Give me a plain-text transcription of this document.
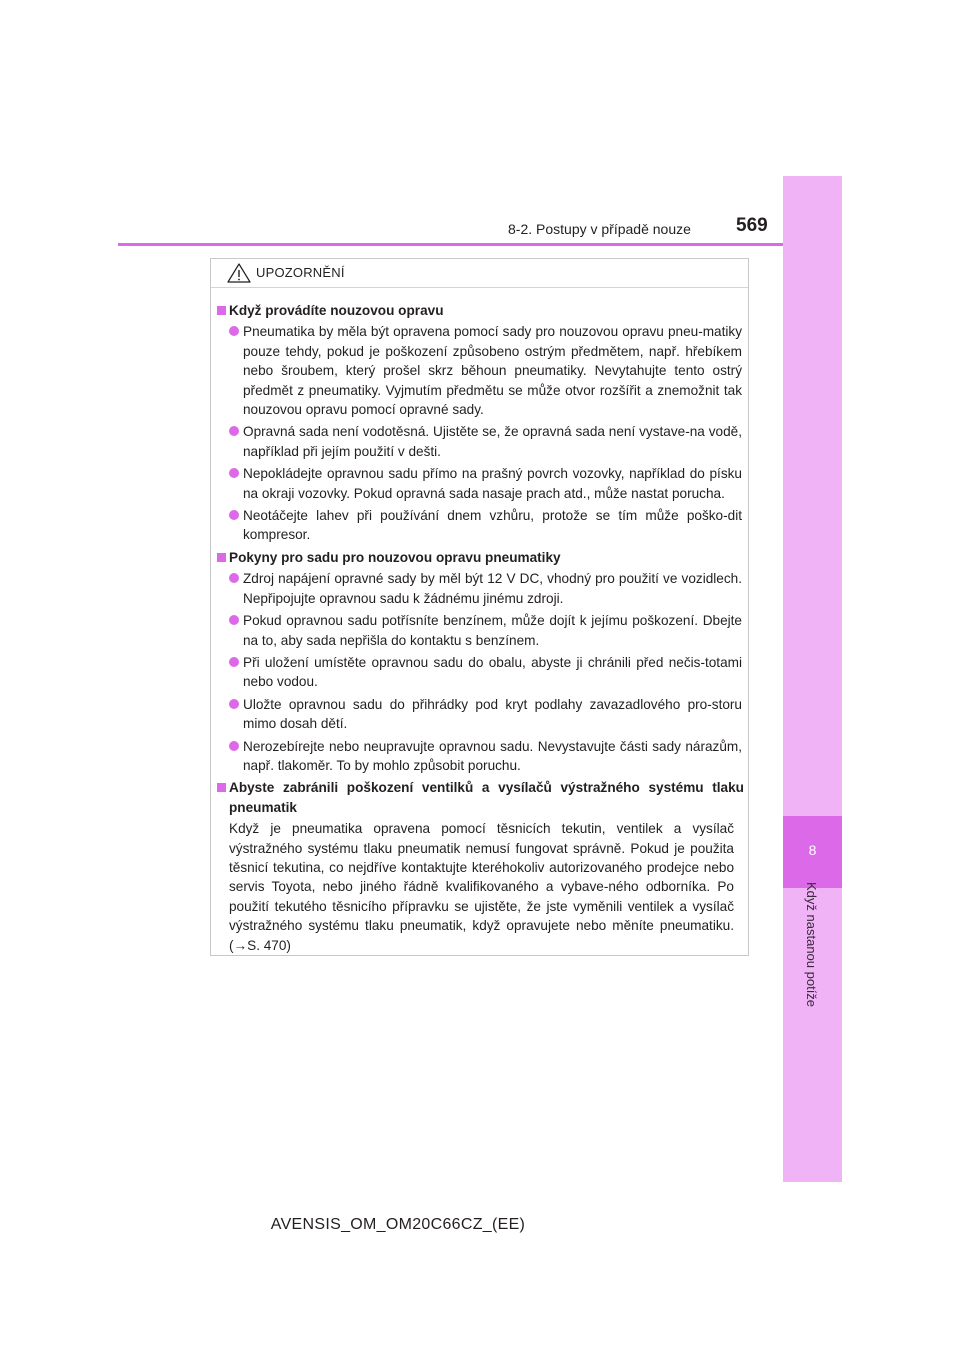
8
Když nastanou potíže
8-2. Postupy v případě nouze 569
UPOZORNĚNÍ
Když provádíte nouzovou opravu
Pneumatika by měla být opravena pomocí sady pro nouzovou opravu pneu-matiky pouze tehdy, pokud je poškození způsobeno ostrým předmětem, např. hřebíkem nebo šroubem, který prošel skrz běhoun pneumatiky. Nevytahujte tento ostrý předmět z pneumatiky. Vyjmutím předmětu se může otvor rozšířit a znemožnit tak nouzovou opravu pomocí opravné sady.
Opravná sada není vodotěsná. Ujistěte se, že opravná sada není vystave-na vodě, například při jejím použití v dešti.
Nepokládejte opravnou sadu přímo na prašný povrch vozovky, například do písku na okraji vozovky. Pokud opravná sada nasaje prach atd., může nastat porucha.
Neotáčejte lahev při používání dnem vzhůru, protože se tím může poško-dit kompresor.
Pokyny pro sadu pro nouzovou opravu pneumatiky
Zdroj napájení opravné sady by měl být 12 V DC, vhodný pro použití ve vozidlech. Nepřipojujte opravnou sadu k žádnému jinému zdroji.
Pokud opravnou sadu potřísníte benzínem, může dojít k jejímu poškození. Dbejte na to, aby sada nepřišla do kontaktu s benzínem.
Při uložení umístěte opravnou sadu do obalu, abyste ji chránili před nečis-totami nebo vodou.
Uložte opravnou sadu do přihrádky pod kryt podlahy zavazadlového pro-storu mimo dosah dětí.
Nerozebírejte nebo neupravujte opravnou sadu. Nevystavujte části sady nárazům, např. tlakoměr. To by mohlo způsobit poruchu.
Abyste zabránili poškození ventilků a vysílačů výstražného systému tlaku pneumatik
Když je pneumatika opravena pomocí těsnicích tekutin, ventilek a vysílač výstražného systému tlaku pneumatik nemusí fungovat správně. Pokud je použita těsnicí tekutina, co nejdříve kontaktujte kteréhokoliv autorizovaného prodejce nebo servis Toyota, nebo jiného řádně kvalifikovaného a vybave-ného odborníka. Po použití tekutého těsnicího přípravku se ujistěte, že jste vyměnili ventilek a vysílač výstražného systému tlaku pneumatik, když opravujete nebo měníte pneumatiku. (→S. 470)
AVENSIS_OM_OM20C66CZ_(EE)
